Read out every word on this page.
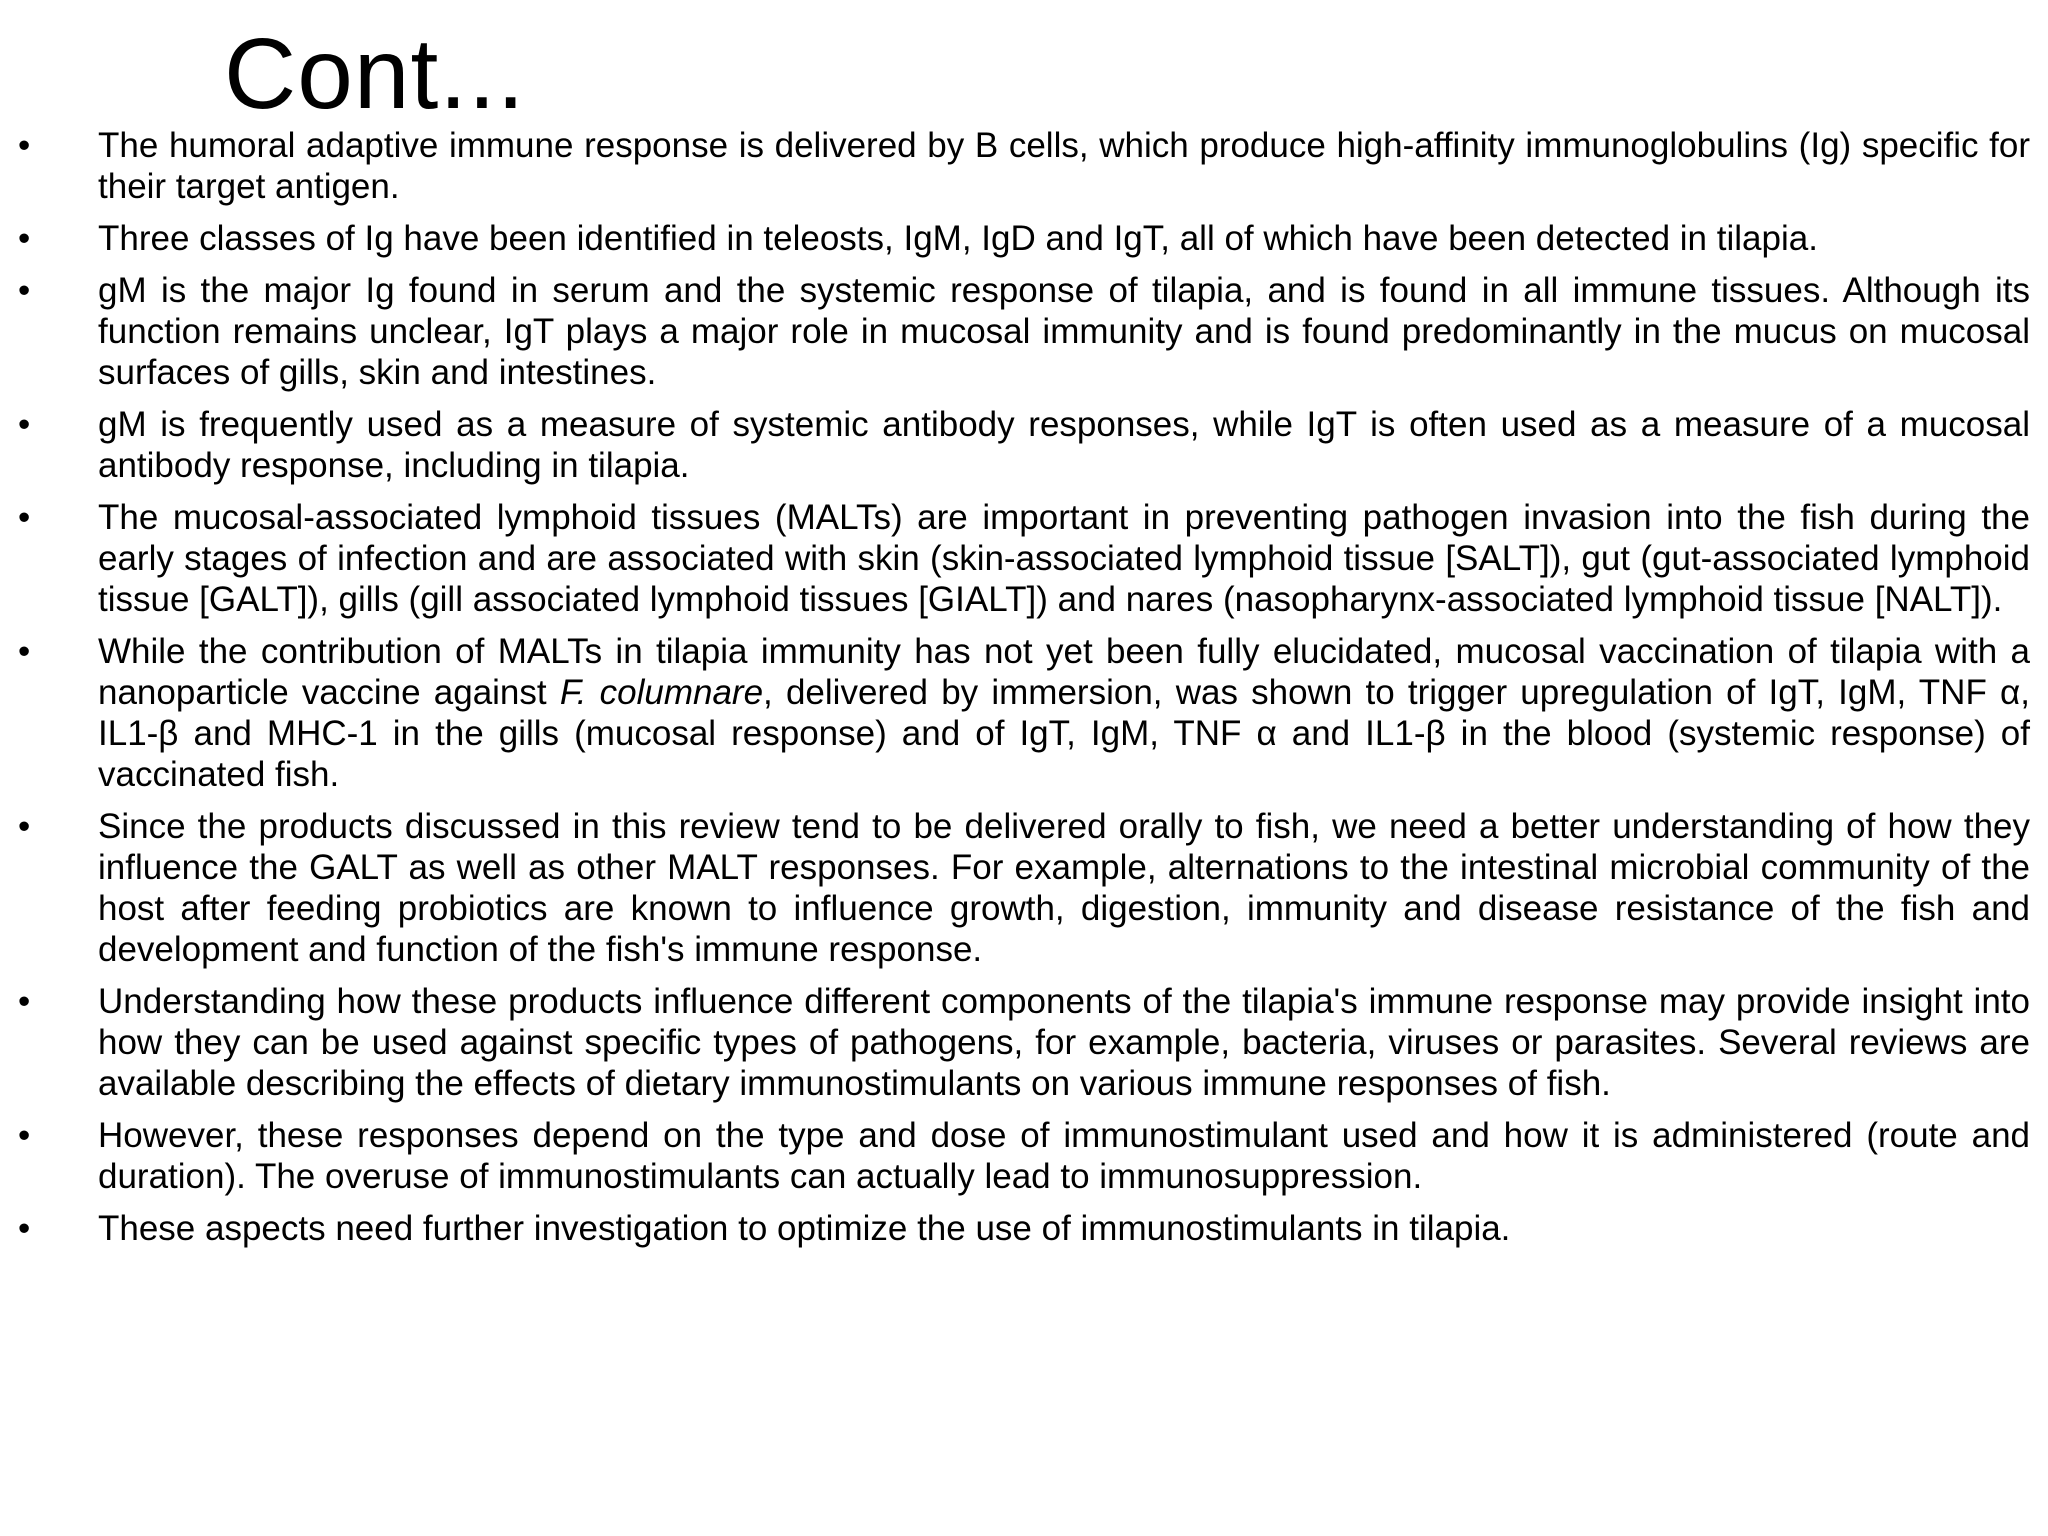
Cont...
•	The humoral adaptive immune response is delivered by B cells, which produce high-affinity immunoglobulins (Ig) specific for their target antigen.
•	Three classes of Ig have been identified in teleosts, IgM, IgD and IgT, all of which have been detected in tilapia.
•	gM is the major Ig found in serum and the systemic response of tilapia, and is found in all immune tissues. Although its function remains unclear, IgT plays a major role in mucosal immunity and is found predominantly in the mucus on mucosal surfaces of gills, skin and intestines.
•	gM is frequently used as a measure of systemic antibody responses, while IgT is often used as a measure of a mucosal antibody response, including in tilapia.
•	The mucosal-associated lymphoid tissues (MALTs) are important in preventing pathogen invasion into the fish during the early stages of infection and are associated with skin (skin-associated lymphoid tissue [SALT]), gut (gut-associated lymphoid tissue [GALT]), gills (gill associated lymphoid tissues [GIALT]) and nares (nasopharynx-associated lymphoid tissue [NALT]).
•	While the contribution of MALTs in tilapia immunity has not yet been fully elucidated, mucosal vaccination of tilapia with a nanoparticle vaccine against F. columnare, delivered by immersion, was shown to trigger upregulation of IgT, IgM, TNF α, IL1-β and MHC-1 in the gills (mucosal response) and of IgT, IgM, TNF α and IL1-β in the blood (systemic response) of vaccinated fish.
•	Since the products discussed in this review tend to be delivered orally to fish, we need a better understanding of how they influence the GALT as well as other MALT responses. For example, alternations to the intestinal microbial community of the host after feeding probiotics are known to influence growth, digestion, immunity and disease resistance of the fish and development and function of the fish's immune response.
•	Understanding how these products influence different components of the tilapia's immune response may provide insight into how they can be used against specific types of pathogens, for example, bacteria, viruses or parasites. Several reviews are available describing the effects of dietary immunostimulants on various immune responses of fish.
•	However, these responses depend on the type and dose of immunostimulant used and how it is administered (route and duration). The overuse of immunostimulants can actually lead to immunosuppression.
•	These aspects need further investigation to optimize the use of immunostimulants in tilapia.
